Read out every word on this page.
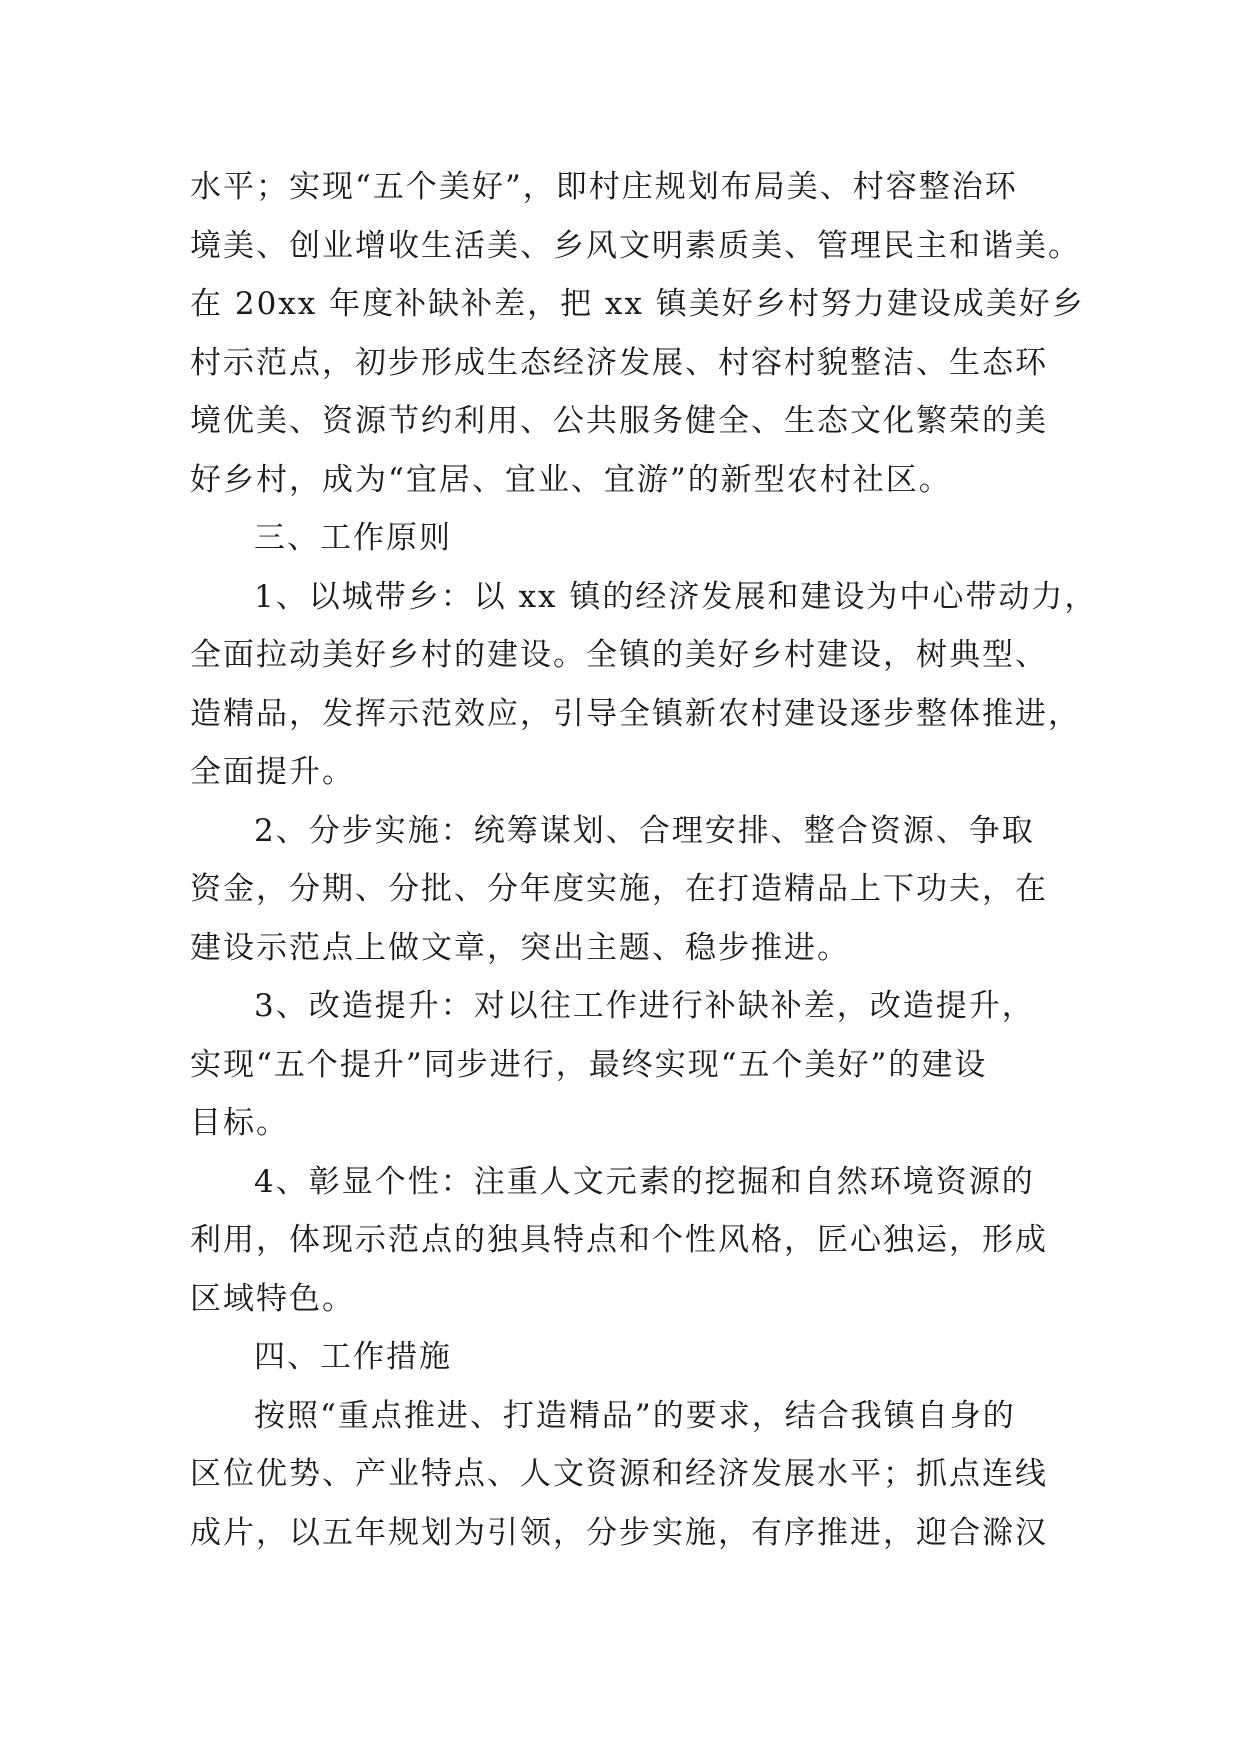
水平；实现“五个美好”，即村庄规划布局美、村容整治环
境美、创业增收生活美、乡风文明素质美、管理民主和谐美。
在 20xx 年度补缺补差，把 xx 镇美好乡村努力建设成美好乡
村示范点，初步形成生态经济发展、村容村貌整洁、生态环
境优美、资源节约利用、公共服务健全、生态文化繁荣的美
好乡村，成为“宜居、宜业、宜游”的新型农村社区。
三、工作原则
1、以城带乡：以 xx 镇的经济发展和建设为中心带动力，
全面拉动美好乡村的建设。全镇的美好乡村建设，树典型、
造精品，发挥示范效应，引导全镇新农村建设逐步整体推进，
全面提升。
2、分步实施：统筹谋划、合理安排、整合资源、争取
资金，分期、分批、分年度实施，在打造精品上下功夫，在
建设示范点上做文章，突出主题、稳步推进。
3、改造提升：对以往工作进行补缺补差，改造提升，
实现“五个提升”同步进行，最终实现“五个美好”的建设
目标。
4、彰显个性：注重人文元素的挖掘和自然环境资源的
利用，体现示范点的独具特点和个性风格，匠心独运，形成
区域特色。
四、工作措施
按照“重点推进、打造精品”的要求，结合我镇自身的
区位优势、产业特点、人文资源和经济发展水平；抓点连线
成片，以五年规划为引领，分步实施，有序推进，迎合滁汉
